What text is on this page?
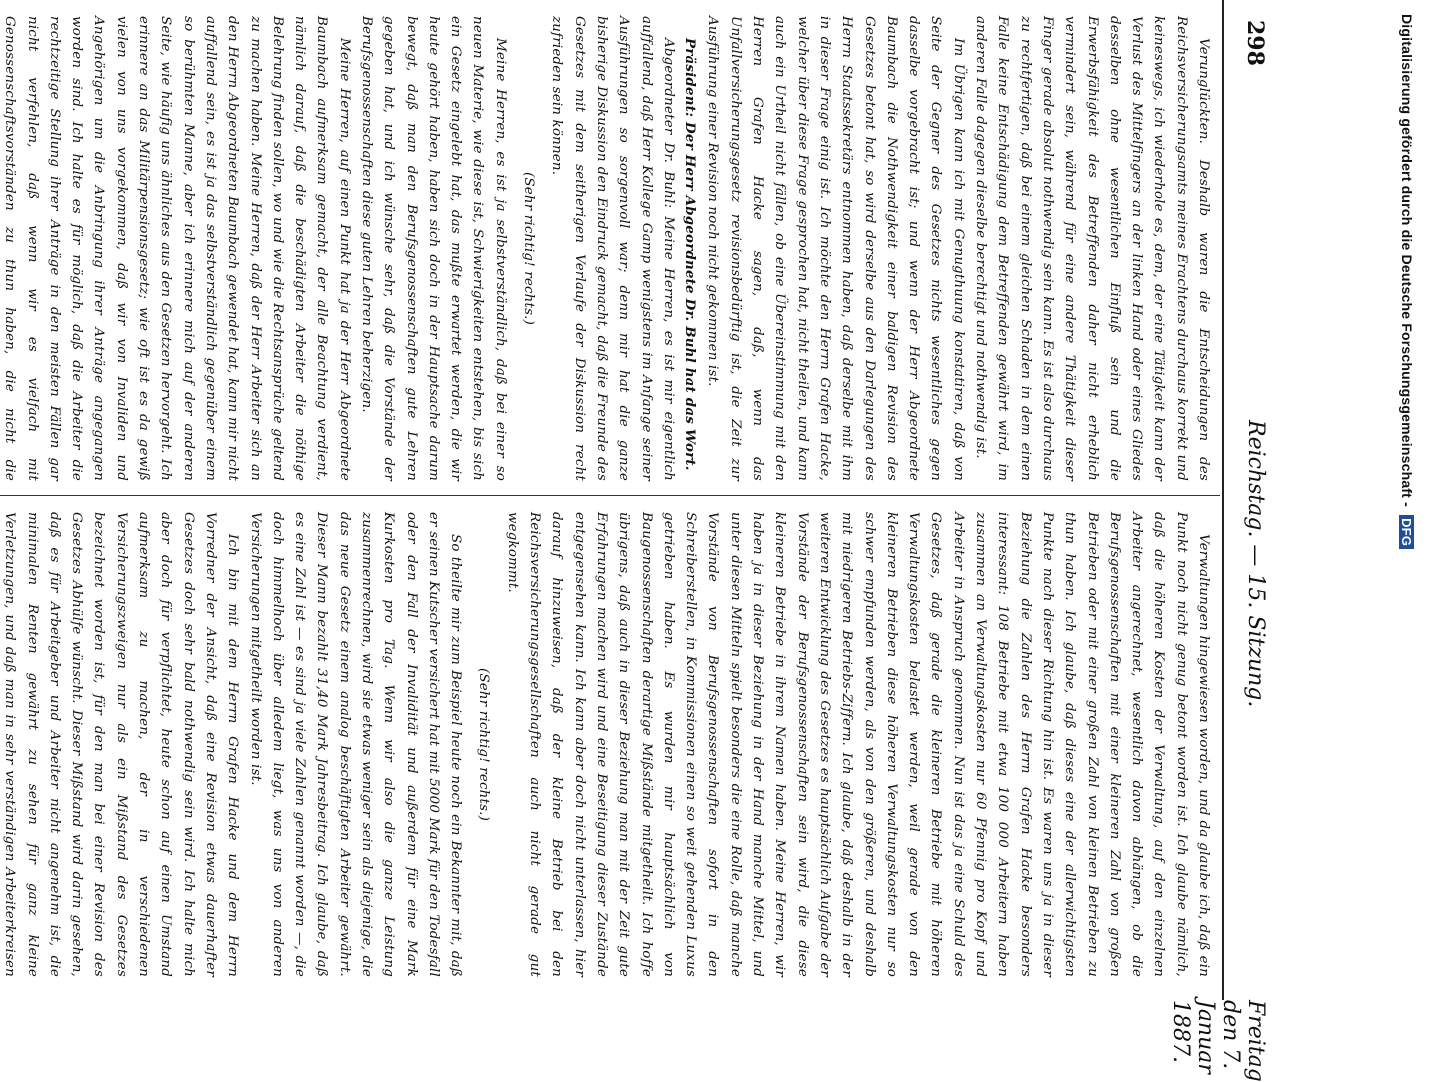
298
Reichstag. — 15. Sitzung.
Freitag den 7. Januar 1887.

Verunglückten. Deshalb waren die Entscheidungen des Reichsversicherungsamts meines Erachtens durchaus korrekt und keineswegs, ich wiederhole es, dem, der eine Tätigkeit kann der Verlust des Mittelfingers an der linken Hand oder eines Gliedes desselben ohne wesentlichen Einfluß sein und die Erwerbsfähigkeit des Betreffenden daher nicht erheblich vermindert sein, während für eine andere Thätigkeit dieser Finger gerade absolut nothwendig sein kann. Es ist also durchaus zu rechtfertigen, daß bei einem gleichen Schaden in dem einen Falle keine Entschädigung dem Betreffenden gewährt wird, im anderen Falle dagegen dieselbe berechtigt und nothwendig ist.

Im Übrigen kann ich mit Genugthuung konstatiren, daß von Seite der Gegner des Gesetzes nichts wesentliches gegen dasselbe vorgebracht ist; und wenn der Herr Abgeordnete Baumbach die Nothwendigkeit einer baldigen Revision des Gesetzes betont hat, so wird derselbe aus den Darlegungen des Herrn Staatssekretärs entnommen haben, daß derselbe mit ihm in dieser Frage einig ist. Ich möchte den Herrn Grafen Hacke, welcher über diese Frage gesprochen hat, nicht theilen, und kann auch ein Urtheil nicht fällen, ob eine Übereinstimmung mit den Herren Grafen Hacke sagen, daß, wenn das Unfallversicherungsgesetz revisionsbedürftig ist, die Zeit zur Ausführung einer Revision noch nicht gekommen ist.

Präsident: Der Herr Abgeordnete Dr. Buhl hat das Wort.

Abgeordneter Dr. Buhl: Meine Herren, es ist mir eigentlich auffallend, daß Herr Kollege Gamp wenigstens im Anfange seiner Ausführungen so sorgenvoll war; denn mir hat die ganze bisherige Diskussion den Eindruck gemacht, daß die Freunde des Gesetzes mit dem seitherigen Verlaufe der Diskussion recht zufrieden sein können.

(Sehr richtig! rechts.)

Meine Herren, es ist ja selbstverständlich, daß bei einer so neuen Materie, wie diese ist, Schwierigkeiten entstehen, bis sich ein Gesetz eingelebt hat, das mußte erwartet werden, die wir heute gehört haben, haben sich doch in der Hauptsache darum bewegt, daß man den Berufsgenossenschaften gute Lehren gegeben hat, und ich wünsche sehr, daß die Vorstände der Berufsgenossenschaften diese guten Lehren beherzigen.

Meine Herren, auf einen Punkt hat ja der Herr Abgeordnete Baumbach aufmerksam gemacht, der alle Beachtung verdient, nämlich darauf, daß die beschädigten Arbeiter die nöthige Belehrung finden sollen, wo und wie die Rechtsansprüche geltend zu machen haben. Meine Herren, daß der Herr Arbeiter sich an den Herrn Abgeordneten Baumbach gewendet hat, kann mir nicht auffallend sein, es ist ja das selbstverständlich gegenüber einem so berühmten Manne, aber ich erinnere mich auf der anderen Seite, wie häufig uns ähnliches aus den Gesetzen hervorgeht. Ich erinnere an das Militärpensionsgesetz; wie oft ist es da gewiß vielen von uns vorgekommen, daß wir von Invaliden und Angehörigen um die Anbringung ihrer Anträge angegangen worden sind. Ich halte es für möglich, daß die Arbeiter die rechtzeitige Stellung ihrer Anträge in den meisten Fällen gar nicht verfehlen, daß wenn wir es vielfach mit Genossenschaftsvorständen zu thun haben, die nicht die

Verwaltungen hingewiesen worden, und da glaube ich, daß ein Punkt noch nicht genug betont worden ist. Ich glaube nämlich, daß die höheren Kosten der Verwaltung, auf den einzelnen Arbeiter angerechnet, wesentlich davon abhängen, ob die Berufsgenossenschaften mit einer kleineren Zahl von großen Betrieben oder mit einer großen Zahl von kleinen Betrieben zu thun haben. Ich glaube, daß dieses eine der allerwichtigsten Punkte nach dieser Richtung hin ist. Es waren uns ja in dieser Beziehung die Zahlen des Herrn Grafen Hacke besonders interessant: 108 Betriebe mit etwa 100 000 Arbeitern haben zusammen an Verwaltungskosten nur 60 Pfennig pro Kopf und Arbeiter in Anspruch genommen. Nun ist das ja eine Schuld des Gesetzes, daß gerade die kleineren Betriebe mit höheren Verwaltungskosten belastet werden, weil gerade von den kleineren Betrieben diese höheren Verwaltungskosten nur so schwer empfunden werden, als von den größeren, und deshalb mit niedrigeren Betriebs-Ziffern. Ich glaube, daß deshalb in der weiteren Entwicklung des Gesetzes es hauptsächlich Aufgabe der Vorstände der Berufsgenossenschaften sein wird, die diese kleineren Betriebe in ihrem Namen haben. Meine Herren, wir haben ja in dieser Beziehung in der Hand manche Mittel, und unter diesen Mitteln spielt besonders die eine Rolle, daß manche Vorstände von Berufsgenossenschaften sofort in den Schreiberstellen, in Kommissionen einen so weit gehenden Luxus getrieben haben. Es wurden mir hauptsächlich von Baugenossenschaften derartige Mißstände mitgetheilt. Ich hoffe übrigens, daß auch in dieser Beziehung man mit der Zeit gute Erfahrungen machen wird und eine Beseitigung dieser Zustände entgegensehen kann. Ich kann aber doch nicht unterlassen, hier darauf hinzuweisen, daß der kleine Betrieb bei den Reichsversicherungsgesellschaften auch nicht gerade gut wegkommt.

(Sehr richtig! rechts.)

So theilte mir zum Beispiel heute noch ein Bekannter mit, daß er seinen Kutscher versichert hat mit 5000 Mark für den Todesfall oder den Fall der Invalidität und außerdem für eine Mark Kurkosten pro Tag. Wenn wir also die ganze Leistung zusammenrechnen, wird sie etwas weniger sein als diejenige, die das neue Gesetz einem analog beschäftigten Arbeiter gewährt. Dieser Mann bezahlt 31,40 Mark Jahresbeitrag. Ich glaube, daß es eine Zahl ist — es sind ja viele Zahlen genannt worden —, die doch himmelhoch über alledem liegt, was uns von anderen Versicherungen mitgetheilt worden ist.

Ich bin mit dem Herrn Grafen Hacke und dem Herrn Vorredner der Ansicht, daß eine Revision etwas dauerhafter Gesetzes doch sehr bald nothwendig sein wird. Ich halte mich aber doch für verpflichtet, heute schon auf einen Umstand aufmerksam zu machen, der in verschiedenen Versicherungszweigen nur als ein Mißstand des Gesetzes bezeichnet worden ist, für den man bei einer Revision des Gesetzes Abhülfe wünscht. Dieser Mißstand wird darin gesehen, daß es für Arbeitgeber und Arbeiter nicht angenehm ist, die minimalen Renten gewährt zu sehen für ganz kleine Verletzungen, und daß man in sehr verständigen Arbeiterkreisen

Digitalisierung gefördert durch die Deutsche Forschungsgemeinschaft - DFG
